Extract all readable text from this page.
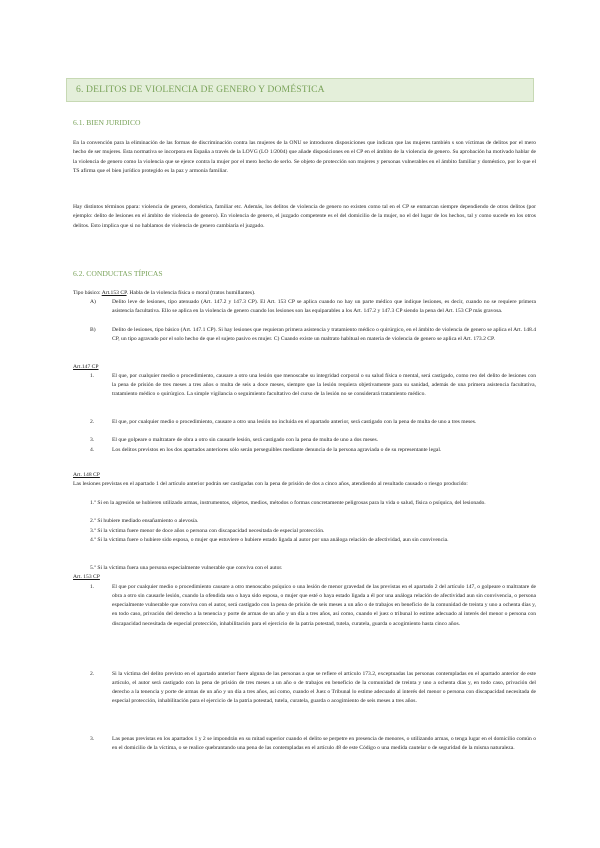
6. DELITOS DE VIOLENCIA DE GENERO Y DOMÉSTICA
6.1. BIEN JURIDICO

En la convención para la eliminación de las formas de discriminación contra las mujeres de la ONU se introducen disposiciones que indican que las mujeres también s son víctimas de delitos por el mero hecho de ser mujeres. Esta normativa se incorpora en España a través de la LOVG (LO 1/2004) que añade disposiciones en el CP en el ámbito de la violencia de genero. Su aprobación ha motivado hablar de la violencia de genero como la violencia que se ejerce contra la mujer por el mero hecho de serlo. Se objeto de protección son mujeres y personas vulnerables en el ámbito familiar y doméstico, por lo que el TS afirma que el bien jurídico protegido es la paz y armonía familiar.

Hay distintos términos ppara: violencia de genero, doméstica, familiar etc. Además, los delitos de violencia de genero no existen como tal en el CP se enmarcan siempre dependiendo de otros delitos (por ejemplo: delito de lesiones en el ámbito de violencia de genero). En violencia de genero, el juzgado competente es el del domicilio de la mujer, no el del lugar de los hechos, tal y como sucede en los otros delitos. Esto implica que si no hablamos de violencia de genero cambiaría el juzgado.

6.2. CONDUCTAS TÍPICAS
Tipo básico: Art.153 CP. Habla de la violencia física o moral (tratos humillantes).
A)	Delito leve de lesiones, tipo atenuado (Art. 147.2 y 147.3 CP). El Art. 153 CP se aplica cuando no hay un parte médico que indique lesiones, es decir, cuando no se requiere primera asistencia facultativa. Ello se aplica en la violencia de genero cuando los lesiones son las equiparables a los Art. 147.2 y 147.3 CP siendo la pena del Art. 153 CP más gravosa.

B)	Delito de lesiones, tipo básico (Art. 147.1 CP). Si hay lesiones que requieran primera asistencia y tratamiento médico o quirúrgico, en el ámbito de violencia de genero se aplica el Art. 148.4 CP, un tipo agravado por el solo hecho de que el sujeto pasivo es mujer. C) Cuando existe un maltrato habitual en materia de violencia de genero se aplica el Art. 173.2 CP.

Art.147 CP
1.	El que, por cualquier medio o procedimiento, causare a otro una lesión que menoscabe su integridad corporal o su salud física o mental, será castigado, como reo del delito de lesiones con la pena de prisión de tres meses a tres años o multa de seis a doce meses, siempre que la lesión requiera objetivamente para su sanidad, además de una primera asistencia facultativa, tratamiento médico o quirúrgico. La simple vigilancia o seguimiento facultativo del curso de la lesión no se considerará tratamiento médico.

2.	El que, por cualquier medio o procedimiento, causare a otro una lesión no incluida en el apartado anterior, será castigado con la pena de multa de uno a tres meses.

3.	El que golpeare o maltratare de obra a otro sin causarle lesión, será castigado con la pena de multa de uno a dos meses.

4.	Los delitos previstos en los dos apartados anteriores sólo serán perseguibles mediante denuncia de la persona agraviada o de su representante legal.

Art. 148 CP

Las lesiones previstas en el apartado 1 del artículo anterior podrán ser castigadas con la pena de prisión de dos a cinco años, atendiendo al resultado causado o riesgo producido:

1.º Si en la agresión se hubieren utilizado armas, instrumentos, objetos, medios, métodos o formas concretamente peligrosas para la vida o salud, física o psíquica, del lesionado.

2.º Si hubiere mediado ensañamiento o alevosía.

3.º Si la víctima fuere menor de doce años o persona con discapacidad necesitada de especial protección.

4.º Si la víctima fuere o hubiere sido esposa, o mujer que estuviere o hubiere estado ligada al autor por una análoga relación de afectividad, aun sin convivencia.

5.º Si la víctima fuera una persona especialmente vulnerable que conviva con el autor.

Art. 153 CP
1.	El que por cualquier medio o procedimiento causare a otro menoscabo psíquico o una lesión de menor gravedad de las previstas en el apartado 2 del artículo 147, o golpeare o maltratare de obra a otro sin causarle lesión, cuando la ofendida sea o haya sido esposa, o mujer que esté o haya estado ligada a él por una análoga relación de afectividad aun sin convivencia, o persona especialmente vulnerable que conviva con el autor, será castigado con la pena de prisión de seis meses a un año o de trabajos en beneficio de la comunidad de treinta y uno a ochenta días y, en todo caso, privación del derecho a la tenencia y porte de armas de un año y un día a tres años, así como, cuando el juez o tribunal lo estime adecuado al interés del menor o persona con discapacidad necesitada de especial protección, inhabilitación para el ejercicio de la patria potestad, tutela, curatela, guarda o acogimiento hasta cinco años.

2.	Si la víctima del delito previsto en el apartado anterior fuere alguna de las personas a que se refiere el artículo 173.2, exceptuadas las personas contempladas en el apartado anterior de este artículo, el autor será castigado con la pena de prisión de tres meses a un año o de trabajos en beneficio de la comunidad de treinta y uno a ochenta días y, en todo caso, privación del derecho a la tenencia y porte de armas de un año y un día a tres años, así como, cuando el Juez o Tribunal lo estime adecuado al interés del menor o persona con discapacidad necesitada de especial protección, inhabilitación para el ejercicio de la patria potestad, tutela, curatela, guarda o acogimiento de seis meses a tres años.

3.	Las penas previstas en los apartados 1 y 2 se impondrán en su mitad superior cuando el delito se perpetre en presencia de menores, o utilizando armas, o tenga lugar en el domicilio común o en el domicilio de la víctima, o se realice quebrantando una pena de las contempladas en el artículo 48 de este Código o una medida cautelar o de seguridad de la misma naturaleza.
